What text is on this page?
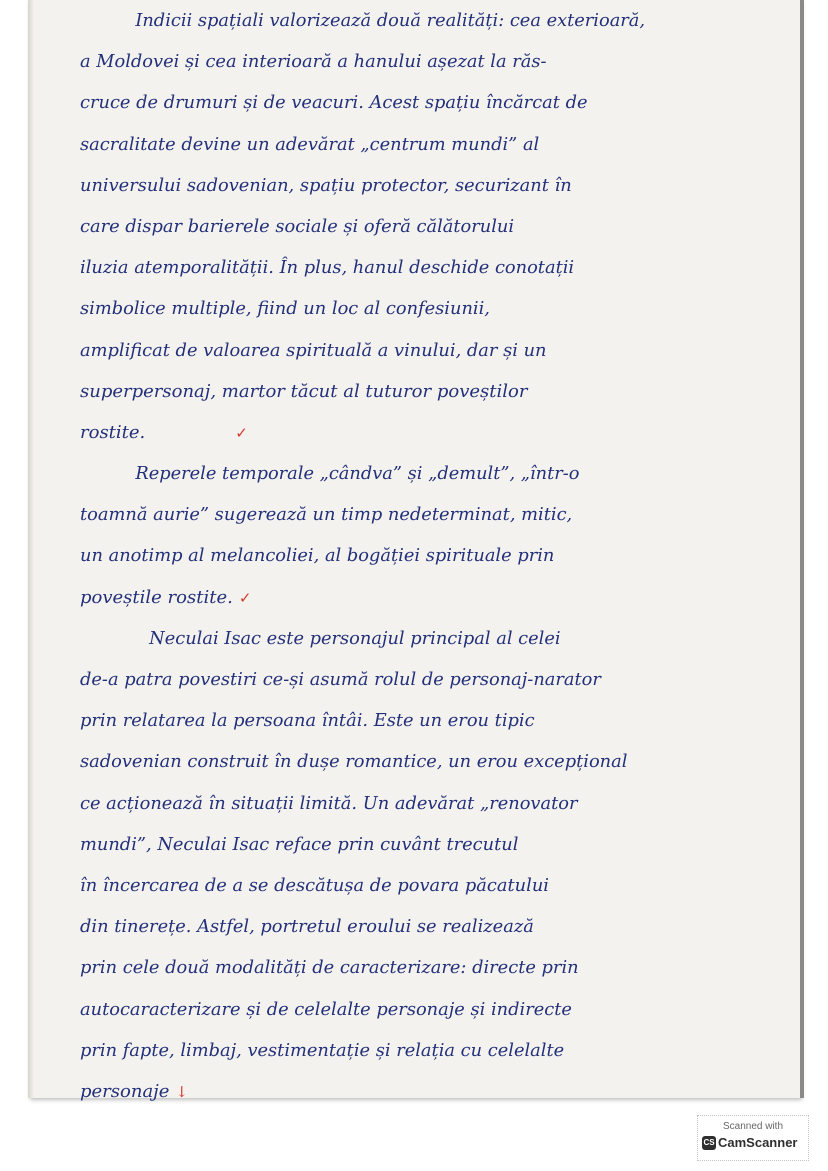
Indicii spațiali valorizează două realități: cea exterioară,
a Moldovei și cea interioară a hanului așezat la răs-
cruce de drumuri și de veacuri. Acest spațiu încărcat de
sacralitate devine un adevărat „centrum mundi” al
universului sadovenian, spațiu protector, securizant în
care dispar barierele sociale și oferă călătorului
iluzia atemporalității. În plus, hanul deschide conotații
simbolice multiple, fiind un loc al confesiunii,
amplificat de valoarea spirituală a vinului, dar și un
superpersonaj, martor tăcut al tuturor poveștilor
rostite.	✓
Reperele temporale „cândva” și „demult”, „într-o
toamnă aurie” sugerează un timp nedeterminat, mitic,
un anotimp al melancoliei, al bogăției spirituale prin
poveștile rostite. ✓
Neculai Isac este personajul principal al celei
de-a patra povestiri ce-și asumă rolul de personaj-narator
prin relatarea la persoana întâi. Este un erou tipic
sadovenian construit în dușe romantice, un erou excepțional
ce acționează în situații limită. Un adevărat „renovator
mundi”, Neculai Isac reface prin cuvânt trecutul
în încercarea de a se descătușa de povara păcatului
din tinerețe. Astfel, portretul eroului se realizează
prin cele două modalități de caracterizare: directe prin
autocaracterizare și de celelalte personaje și indirecte
prin fapte, limbaj, vestimentație și relația cu celelalte
personaje ↓
Scanned with
CS CamScanner
